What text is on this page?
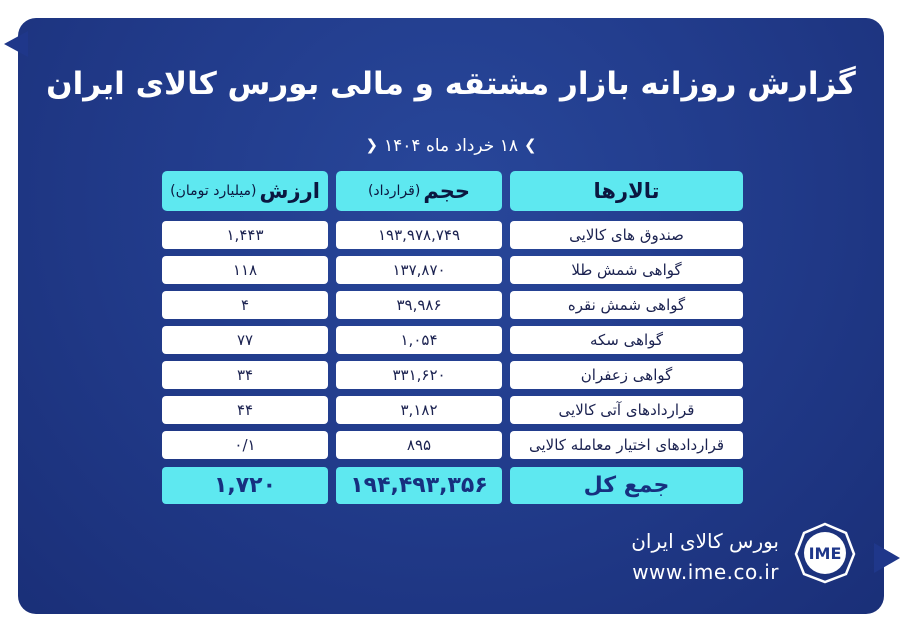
گزارش روزانه بازار مشتقه و مالی بورس کالای ایران
❯۱۸ خرداد ماه ۱۴۰۴❮
تالارها
حجم
(قرارداد)
ارزش
(میلیارد تومان)
صندوق های کالایی
۱۹۳,۹۷۸,۷۴۹
۱,۴۴۳
گواهی شمش طلا
۱۳۷,۸۷۰
۱۱۸
گواهی شمش نقره
۳۹,۹۸۶
۴
گواهی سکه
۱,۰۵۴
۷۷
گواهی زعفران
۳۳۱,۶۲۰
۳۴
قراردادهای آتی کالایی
۳,۱۸۲
۴۴
قراردادهای اختیار معامله کالایی
۸۹۵
۰/۱
جمع کل
۱۹۴,۴۹۳,۳۵۶
۱,۷۲۰
بورس کالای ایران
www.ime.co.ir
IME
